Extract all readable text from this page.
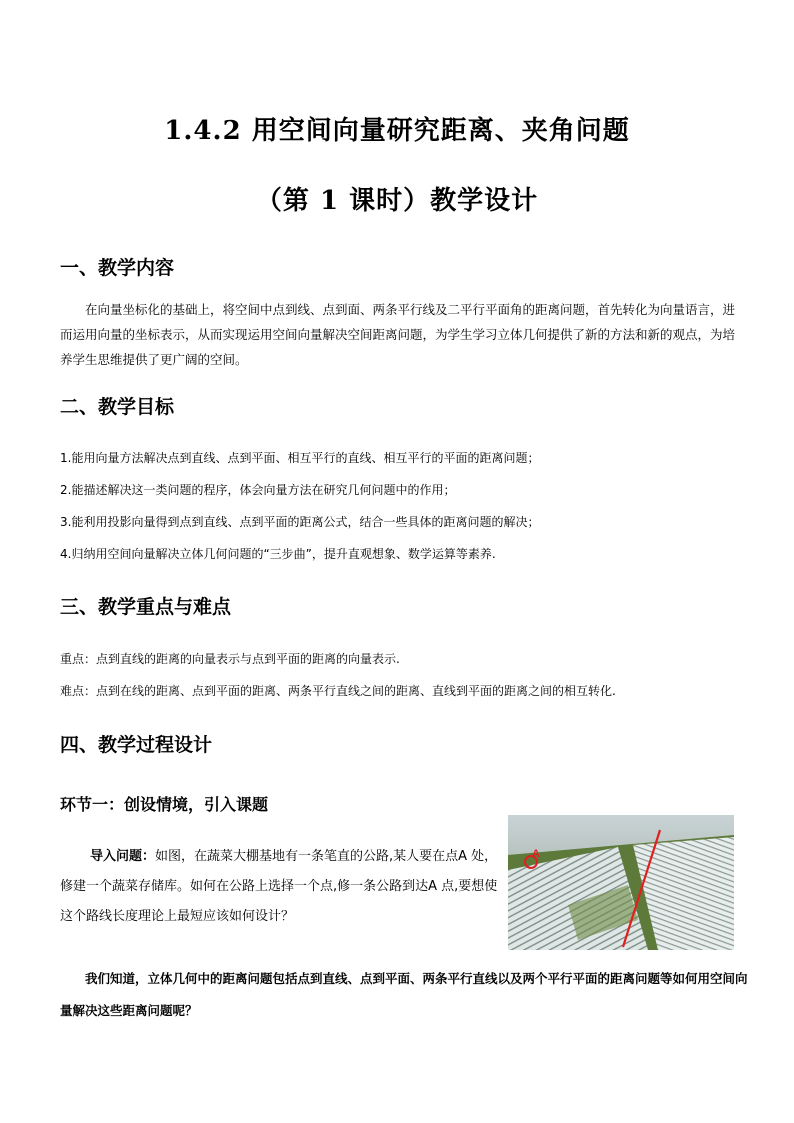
1.4.2 用空间向量研究距离、夹角问题
（第 1 课时）教学设计
一、教学内容

在向量坐标化的基础上，将空间中点到线、点到面、两条平行线及二平行平面角的距离问题，首先转化为向量语言，进而运用向量的坐标表示，从而实现运用空间向量解决空间距离问题，为学生学习立体几何提供了新的方法和新的观点，为培养学生思维提供了更广阔的空间。

二、教学目标

1.能用向量方法解决点到直线、点到平面、相互平行的直线、相互平行的平面的距离问题；

2.能描述解决这一类问题的程序，体会向量方法在研究几何问题中的作用；

3.能利用投影向量得到点到直线、点到平面的距离公式，结合一些具体的距离问题的解决；

4.归纳用空间向量解决立体几何问题的“三步曲”，提升直观想象、数学运算等素养.

三、教学重点与难点

重点：点到直线的距离的向量表示与点到平面的距离的向量表示.

难点：点到在线的距离、点到平面的距离、两条平行直线之间的距离、直线到平面的距离之间的相互转化.

四、教学过程设计
环节一：创设情境，引入课题

导入问题：如图，在蔬菜大棚基地有一条笔直的公路,某人要在点A 处，修建一个蔬菜存储库。如何在公路上选择一个点,修一条公路到达A 点,要想使这个路线长度理论上最短应该如何设计？

A

我们知道，立体几何中的距离问题包括点到直线、点到平面、两条平行直线以及两个平行平面的距离问题等如何用空间向量解决这些距离问题呢？
